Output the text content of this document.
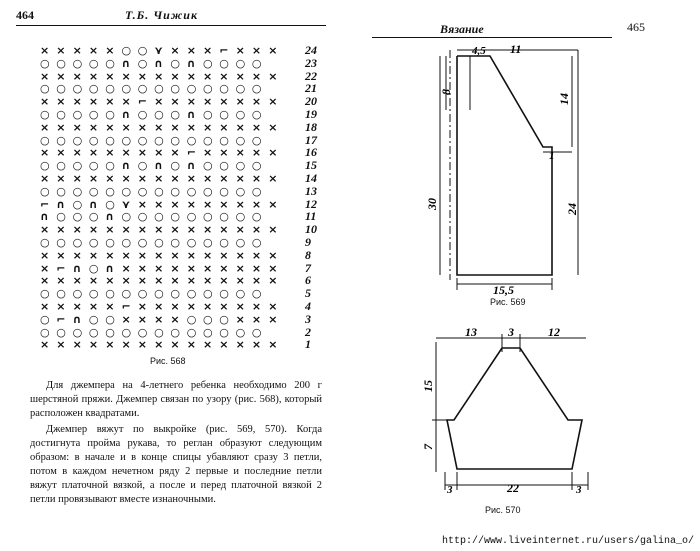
464	Т.Б. Чижик
× × × × × ○ ○ ⋎ × × × ⌐ × × × 24
○ ○ ○ ○ ○ ∩ ○ ∩ ○ ∩ ○ ○ ○ ○	23
× × × × × × × × × × × × × × × 22
○ ○ ○ ○ ○ ○ ○ ○ ○ ○ ○ ○ ○ ○	21
× × × × × × ⌐ × × × × × × × × 20
○ ○ ○ ○ ○ ∩ ○ ○ ○ ∩ ○ ○ ○ ○	19
× × × × × × × × × × × × × × × 18
○ ○ ○ ○ ○ ○ ○ ○ ○ ○ ○ ○ ○ ○	17
× × × × × × × × × ⌐ × × × × × 16
○ ○ ○ ○ ○ ∩ ○ ∩ ○ ∩ ○ ○ ○ ○	15
× × × × × × × × × × × × × × × 14
○ ○ ○ ○ ○ ○ ○ ○ ○ ○ ○ ○ ○ ○	13
⌐ ∩ ○ ∩ ○ ⋎ × × × × × × × × × 12
∩ ○ ○ ○ ∩ ○ ○ ○ ○ ○ ○ ○ ○ ○	11
× × × × × × × × × × × × × × × 10
○ ○ ○ ○ ○ ○ ○ ○ ○ ○ ○ ○ ○ ○	9
× × × × × × × × × × × × × × × 8
× ⌐ ∩ ○ ∩ × × × × × × × × × × 7
× × × × × × × × × × × × × × × 6
○ ○ ○ ○ ○ ○ ○ ○ ○ ○ ○ ○ ○ ○	5
× × × × × ⌐ × × × × × × × × × 4
○ ⌐ ∩ ○ ○ × × × × ○ ○ ○ × × × 3
○ ○ ○ ○ ○ ○ ○ ○ ○ ○ ○ ○ ○ ○	2
× × × × × × × × × × × × × × × 1
Рис. 568
Для джемпера на 4-летнего ребенка необходимо 200 г шерстяной пряжи. Джемпер связан по узору (рис. 568), который расположен квадратами.
Джемпер вяжут по выкройке (рис. 569, 570). Когда достигнута пройма рукава, то реглан образуют следующим образом: в начале и в конце спицы убавляют сразу 3 петли, потом в каждом нечетном ряду 2 первые и последние петли вяжут платочной вязкой, а после и перед платочной вязкой 2 петли провязывают вместе изнаночными.
465
Вязание
4,5 11
8
14
1
30	24
15,5
Рис. 569
13	3	12
15
7
3	22	3
Рис. 570
http://www.liveinternet.ru/users/galina_o/
